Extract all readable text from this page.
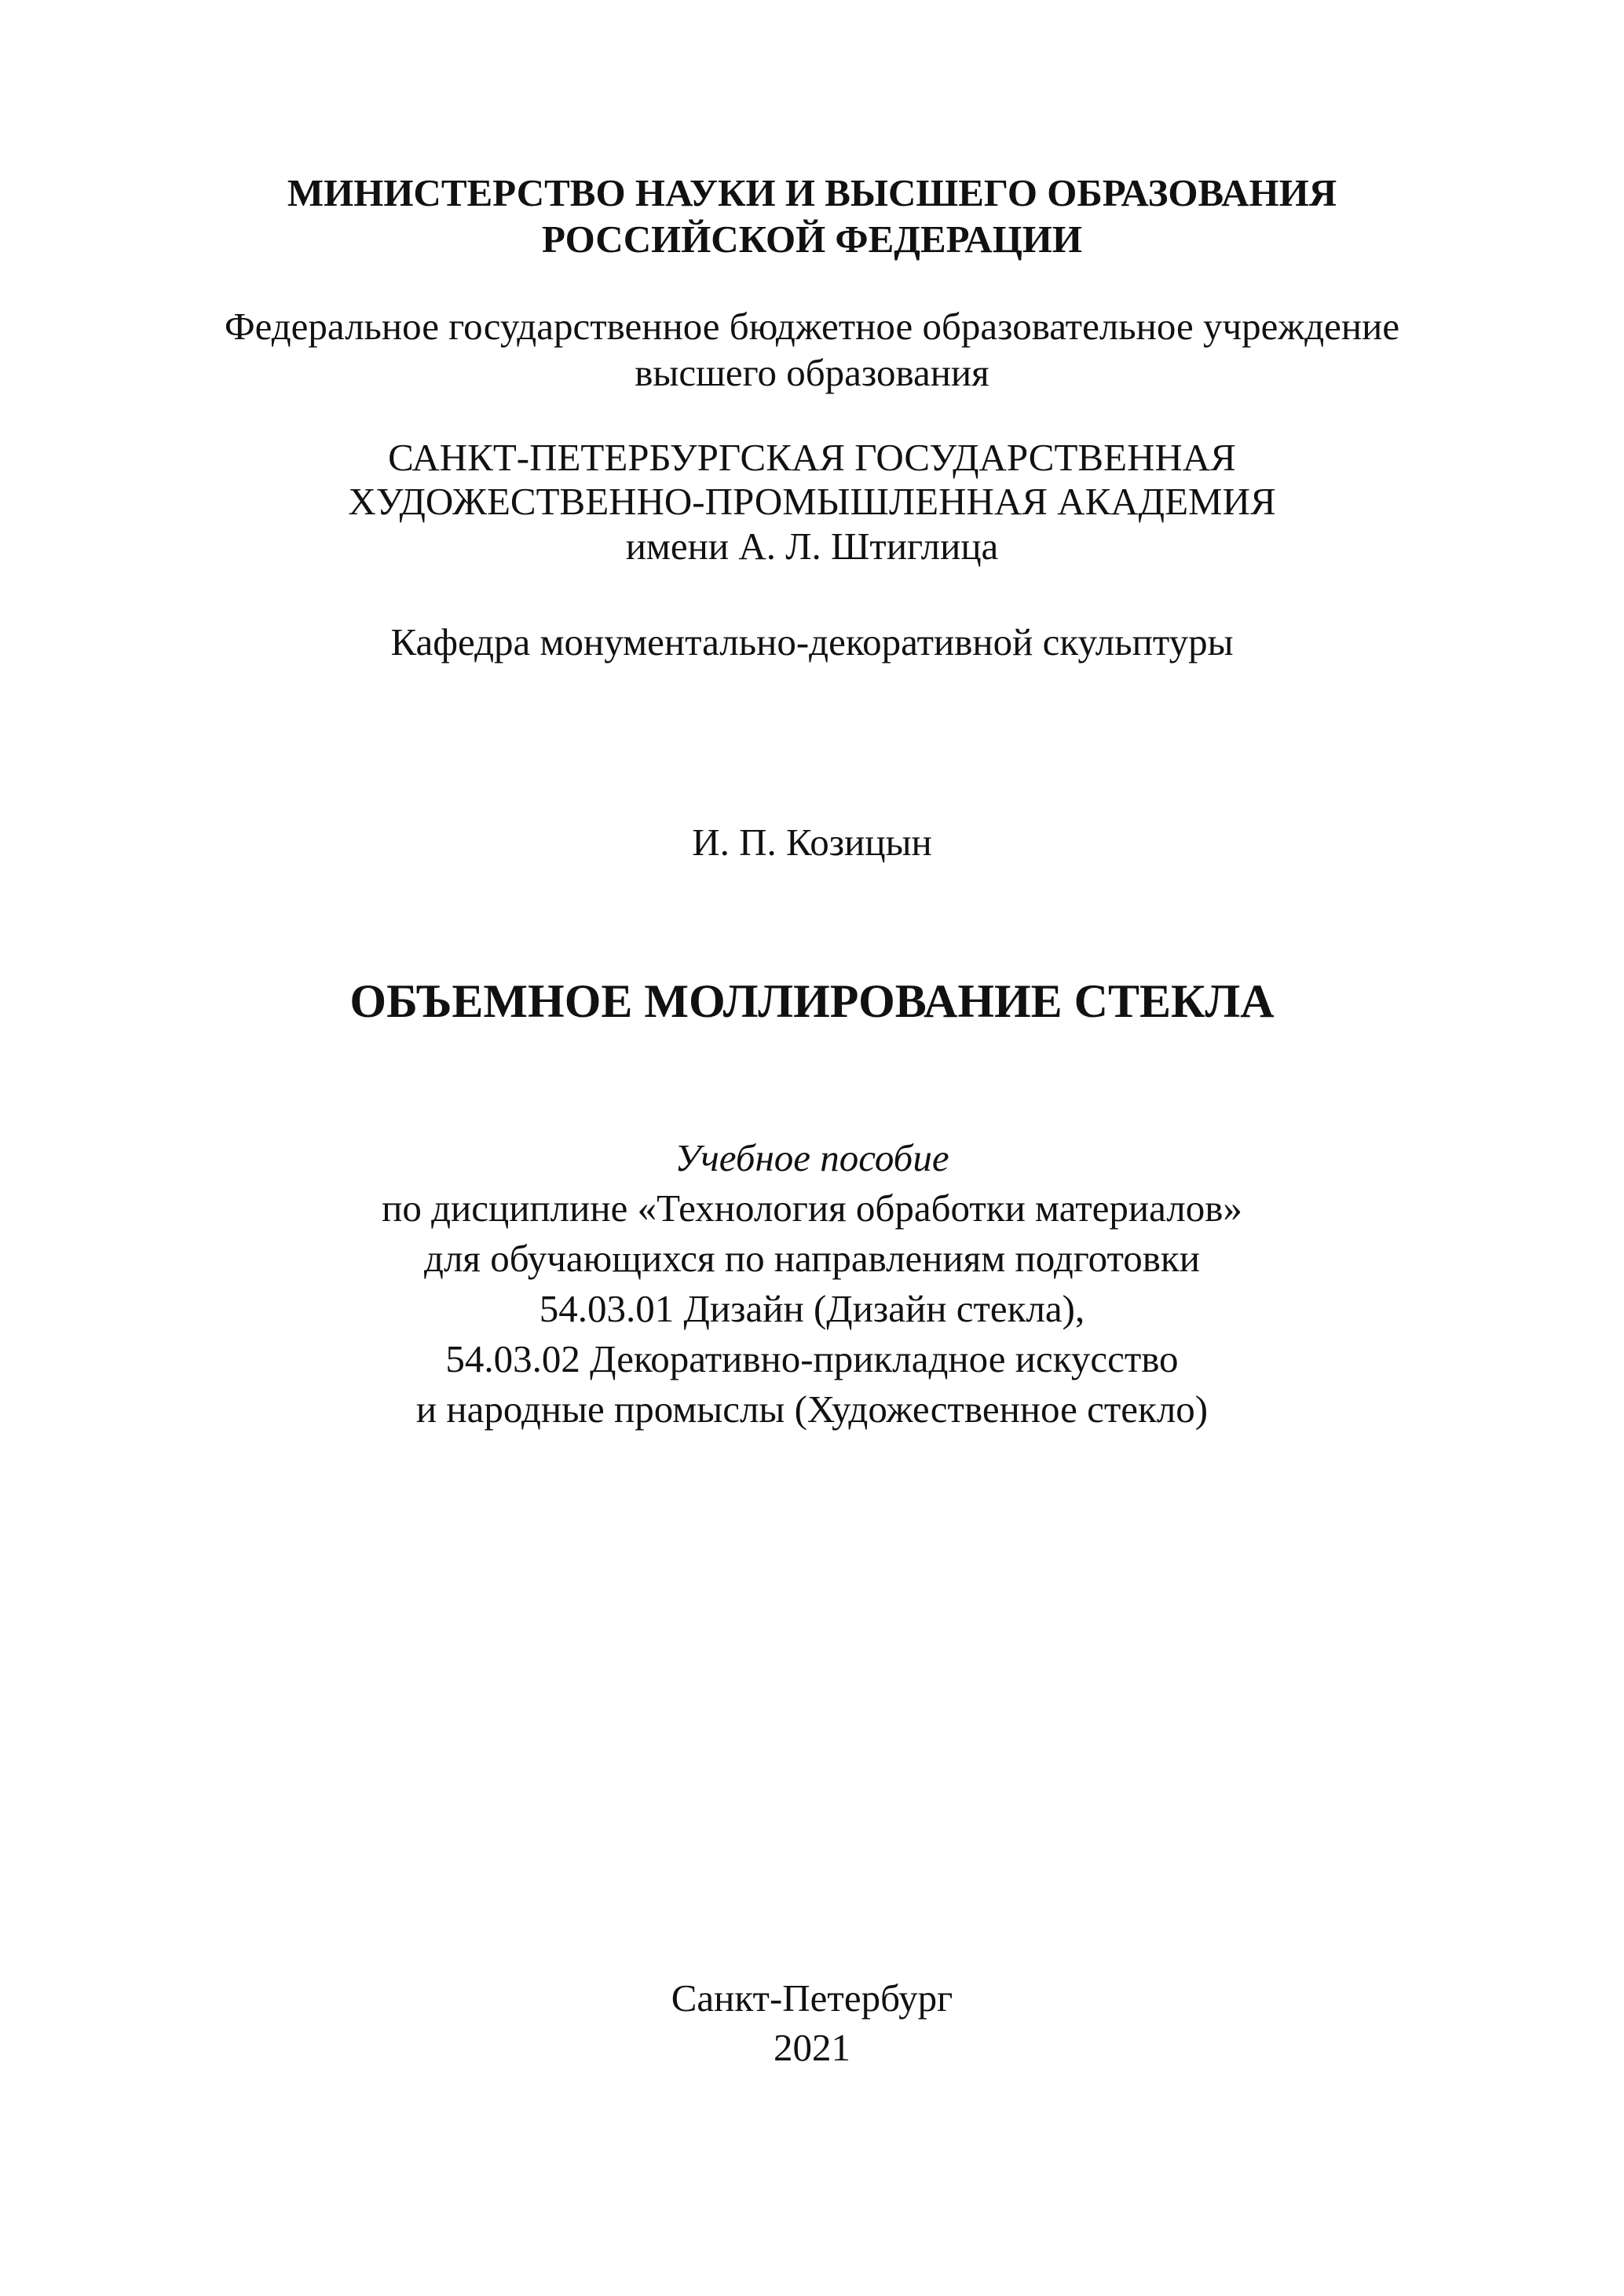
МИНИСТЕРСТВО НАУКИ И ВЫСШЕГО ОБРАЗОВАНИЯ
РОССИЙСКОЙ ФЕДЕРАЦИИ
Федеральное государственное бюджетное образовательное учреждение
высшего образования
САНКТ-ПЕТЕРБУРГСКАЯ ГОСУДАРСТВЕННАЯ
ХУДОЖЕСТВЕННО-ПРОМЫШЛЕННАЯ АКАДЕМИЯ
имени А. Л. Штиглица
Кафедра монументально-декоративной скульптуры
И. П. Козицын
ОБЪЕМНОЕ МОЛЛИРОВАНИЕ СТЕКЛА
Учебное пособие
по дисциплине «Технология обработки материалов»
для обучающихся по направлениям подготовки
54.03.01 Дизайн (Дизайн стекла),
54.03.02 Декоративно-прикладное искусство
и народные промыслы (Художественное стекло)
Санкт-Петербург
2021
